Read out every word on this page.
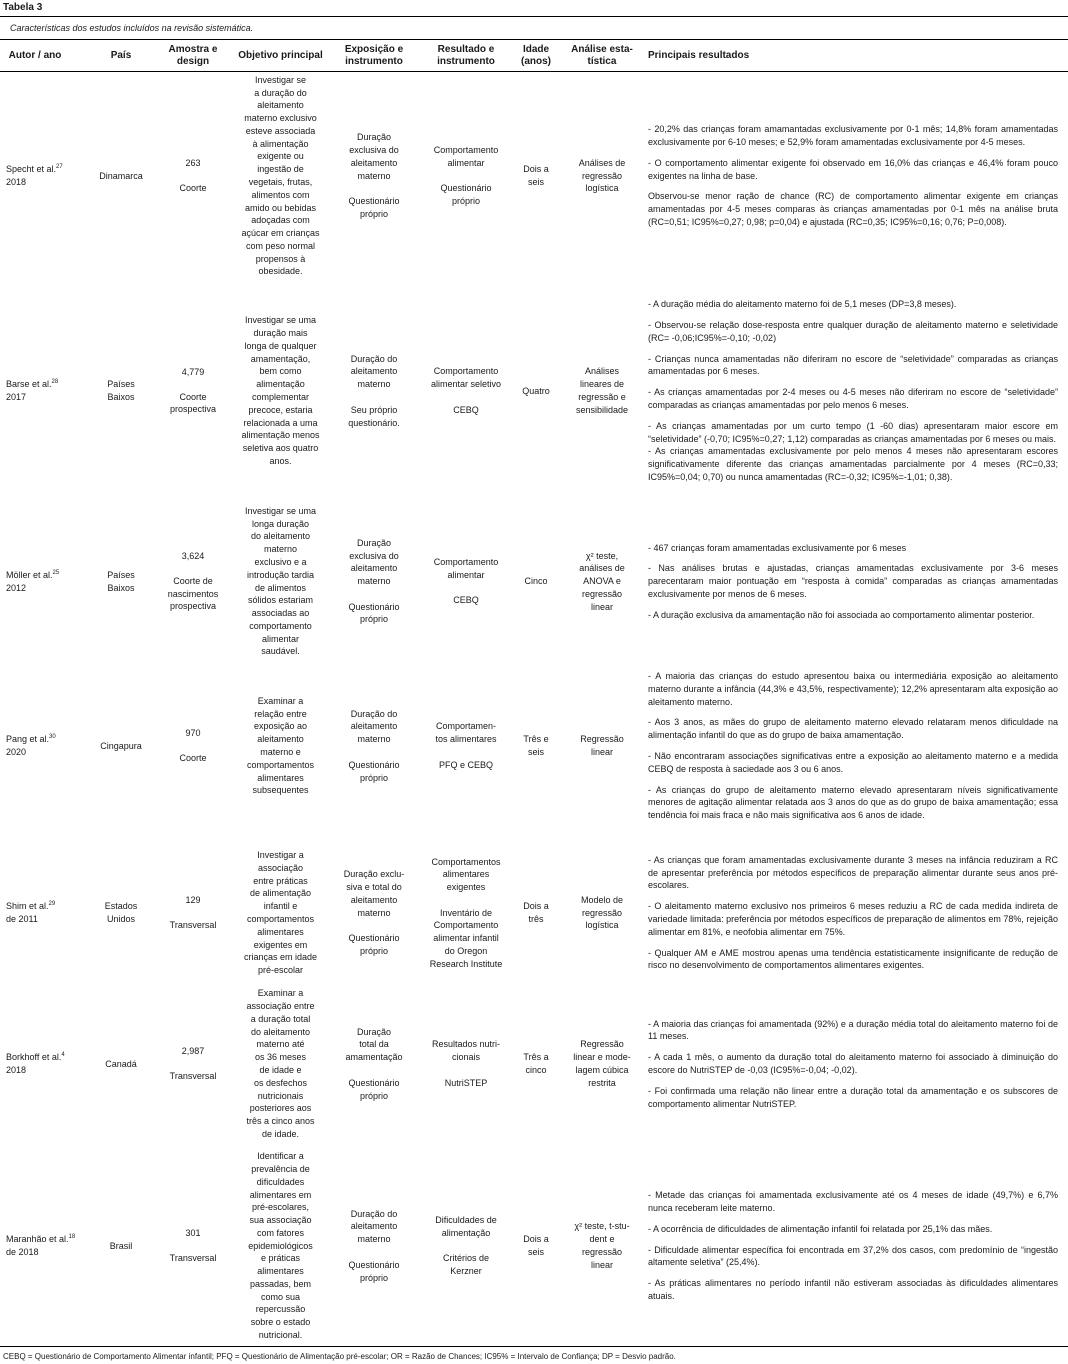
Tabela 3
Características dos estudos incluídos na revisão sistemática.
Autor / ano	País
Amostra e
design
Objetivo principal
Exposição e
instrumento
Resultado e
instrumento
Idade
(anos)
Análise esta-
tística
Principais resultados
Specht et al.$^{27}$
2018
Dinamarca
263
Coorte
Investigar se
a duração do
aleitamento
materno exclusivo
esteve associada
à alimentação
exigente ou
ingestão de
vegetais, frutas,
alimentos com
amido ou bebidas
adoçadas com
açúcar em crianças
com peso normal
propensos à
obesidade.
Duração
exclusiva do
aleitamento
materno

Questionário
próprio
Comportamento
alimentar

Questionário
próprio
Dois a
seis
Análises de
regressão
logística

- 20,2% das crianças foram amamantadas exclusivamente por 0-1 mês; 14,8% foram amamentadas exclusivamente por 6-10 meses; e 52,9% foram amamentadas exclusivamente por 4-5 meses.

- O comportamento alimentar exigente foi observado em 16,0% das crianças e 46,4% foram pouco exigentes na linha de base.

Observou-se menor ração de chance (RC) de comportamento alimentar exigente em crianças amamentadas por 4-5 meses comparas às crianças amamentadas por 0-1 mês na análise bruta (RC=0,51; IC95%=0,27; 0,98; p=0,04) e ajustada (RC=0,35; IC95%=0,16; 0,76; P=0,008).

Barse et al.$^{28}$
2017
Países
Baixos
4,779
Coorte
prospectiva
Investigar se uma
duração mais
longa de qualquer
amamentação,
bem como
alimentação
complementar
precoce, estaria
relacionada a uma
alimentação menos
seletiva aos quatro
anos.
Duração do
aleitamento
materno

Seu próprio
questionário.
Comportamento
alimentar seletivo

CEBQ
Quatro
Análises
lineares de
regressão e
sensibilidade

- A duração média do aleitamento materno foi de 5,1 meses (DP=3,8 meses).

- Observou-se relação dose-resposta entre qualquer duração de aleitamento materno e seletividade (RC= -0,06;IC95%=-0,10; -0,02)

- Crianças nunca amamentadas não diferiram no escore de “seletividade” comparadas as crianças amamentadas por 6 meses.

- As crianças amamentadas por 2-4 meses ou 4-5 meses não diferiram no escore de “seletividade” comparadas as crianças amamentadas por pelo menos 6 meses.

- As crianças amamentadas por um curto tempo (1 -60 dias) apresentaram maior escore em “seletividade” (-0,70; IC95%=0,27; 1,12) comparadas as crianças amamentadas por 6 meses ou mais.
- As crianças amamentadas exclusivamente por pelo menos 4 meses não apresentaram escores significativamente diferente das crianças amamentadas parcialmente por 4 meses (RC=0,33; IC95%=0,04; 0,70) ou nunca amamentadas (RC=-0,32; IC95%=-1,01; 0,38).

Möller et al.$^{25}$
2012
Países
Baixos
3,624
Coorte de
nascimentos
prospectiva
Investigar se uma
longa duração
do aleitamento
materno
exclusivo e a
introdução tardia
de alimentos
sólidos estariam
associadas ao
comportamento
alimentar
saudável.
Duração
exclusiva do
aleitamento
materno

Questionário
próprio
Comportamento
alimentar

CEBQ
Cinco
χ² teste,
análises de
ANOVA e
regressão
linear

- 467 crianças foram amamentadas exclusivamente por 6 meses

- Nas análises brutas e ajustadas, crianças amamentadas exclusivamente por 3-6 meses parecentaram maior pontuação em “resposta à comida” comparadas as crianças amamentadas exclusivamente por menos de 6 meses.

- A duração exclusiva da amamentação não foi associada ao comportamento alimentar posterior.

Pang et al.$^{30}$
2020
Cingapura
970
Coorte
Examinar a
relação entre
exposição ao
aleitamento
materno e
comportamentos
alimentares
subsequentes
Duração do
aleitamento
materno

Questionário
próprio
Comportamen-
tos alimentares

PFQ e CEBQ
Três e
seis
Regressão
linear

- A maioria das crianças do estudo apresentou baixa ou intermediária exposição ao aleitamento materno durante a infância (44,3% e 43,5%, respectivamente); 12,2% apresentaram alta exposição ao aleitamento materno.

- Aos 3 anos, as mães do grupo de aleitamento materno elevado relataram menos dificuldade na alimentação infantil do que as do grupo de baixa amamentação.

- Não encontraram associações significativas entre a exposição ao aleitamento materno e a medida CEBQ de resposta à saciedade aos 3 ou 6 anos.

- As crianças do grupo de aleitamento materno elevado apresentaram níveis significativamente menores de agitação alimentar relatada aos 3 anos do que as do grupo de baixa amamentação; essa tendência foi mais fraca e não mais significativa aos 6 anos de idade.

Shim et al.$^{29}$
de 2011
Estados
Unidos
129
Transversal
Investigar a
associação
entre práticas
de alimentação
infantil e
comportamentos
alimentares
exigentes em
crianças em idade
pré-escolar
Duração exclu-
siva e total do
aleitamento
materno

Questionário
próprio
Comportamentos
alimentares
exigentes

Inventário de
Comportamento
alimentar infantil
do Oregon
Research Institute
Dois a
três
Modelo de
regressão
logística

- As crianças que foram amamentadas exclusivamente durante 3 meses na infância reduziram a RC de apresentar preferência por métodos específicos de preparação alimentar durante seus anos pré-escolares.

- O aleitamento materno exclusivo nos primeiros 6 meses reduziu a RC de cada medida indireta de variedade limitada: preferência por métodos específicos de preparação de alimentos em 78%, rejeição alimentar em 81%, e neofobia alimentar em 75%.

- Qualquer AM e AME mostrou apenas uma tendência estatisticamente insignificante de redução de risco no desenvolvimento de comportamentos alimentares exigentes.

Borkhoff et al.$^4$ 2018
Canadá
2,987
Transversal
Examinar a
associação entre
a duração total
do aleitamento
materno até
os 36 meses
de idade e
os desfechos
nutricionais
posteriores aos
três a cinco anos
de idade.
Duração
total da
amamentação

Questionário
próprio
Resultados nutri-
cionais

NutriSTEP
Três a
cinco
Regressão
linear e mode-
lagem cúbica
restrita

- A maioria das crianças foi amamentada (92%) e a duração média total do aleitamento materno foi de 11 meses.

- A cada 1 mês, o aumento da duração total do aleitamento materno foi associado à diminuição do escore do NutriSTEP de -0,03 (IC95%=-0,04; -0,02).

- Foi confirmada uma relação não linear entre a duração total da amamentação e os subscores de comportamento alimentar NutriSTEP.

Maranhão et al.$^{18}$ de 2018
Brasil
301
Transversal
Identificar a
prevalência de
dificuldades
alimentares em
pré-escolares,
sua associação
com fatores
epidemiológicos
e práticas
alimentares
passadas, bem
como sua
repercussão
sobre o estado
nutricional.
Duração do
aleitamento
materno

Questionário
próprio
Dificuldades de
alimentação

Critérios de
Kerzner
Dois a
seis
χ² teste, t-stu-
dent e
regressão
linear

- Metade das crianças foi amamentada exclusivamente até os 4 meses de idade (49,7%) e 6,7% nunca receberam leite materno.

- A ocorrência de dificuldades de alimentação infantil foi relatada por 25,1% das mães.

- Dificuldade alimentar específica foi encontrada em 37,2% dos casos, com predomínio de “ingestão altamente seletiva” (25,4%).

- As práticas alimentares no período infantil não estiveram associadas às dificuldades alimentares atuais.

CEBQ = Questionário de Comportamento Alimentar infantil; PFQ = Questionário de Alimentação pré-escolar; OR = Razão de Chances; IC95% = Intervalo de Confiança; DP = Desvio padrão.
